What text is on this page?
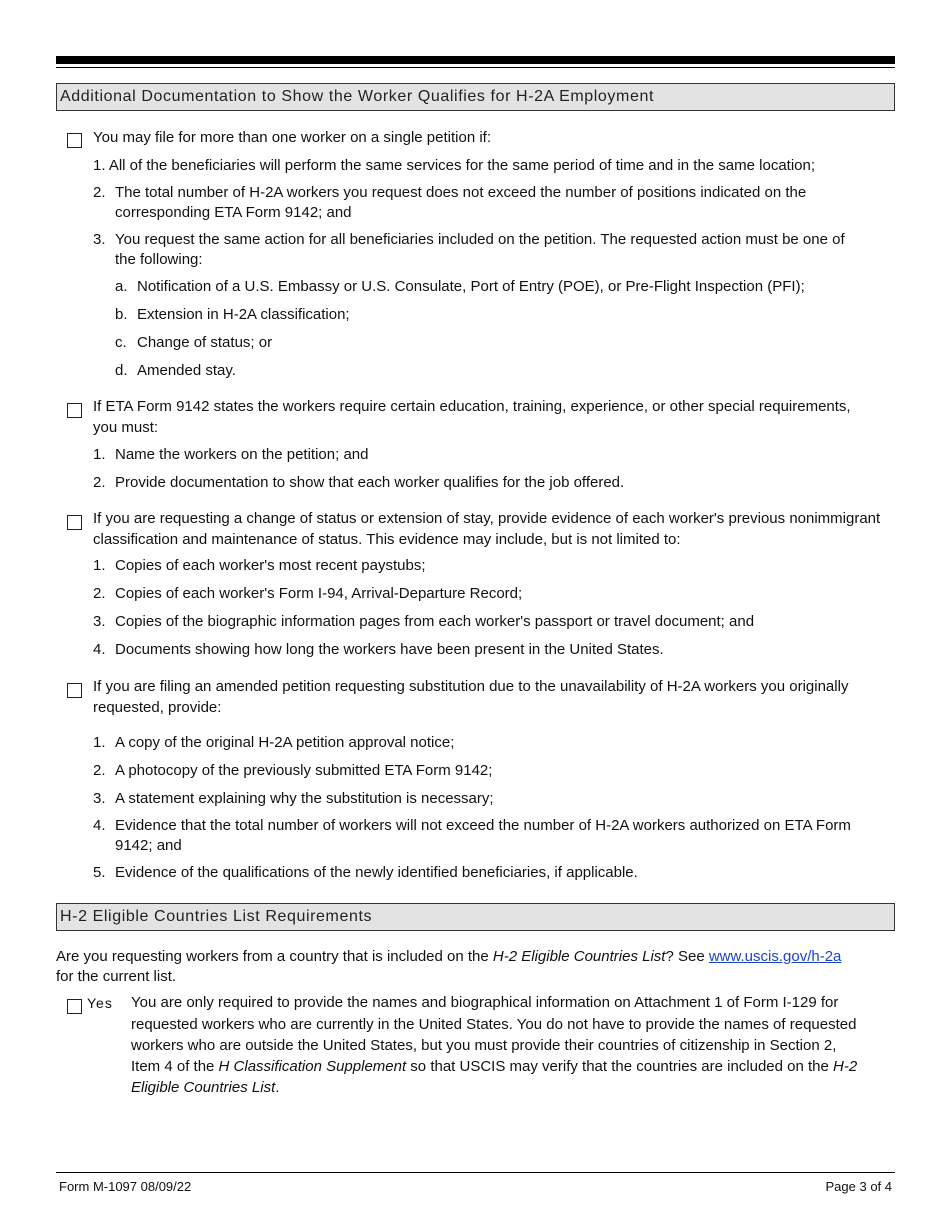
Additional Documentation to Show the Worker Qualifies for H-2A Employment
You may file for more than one worker on a single petition if:
1. All of the beneficiaries will perform the same services for the same period of time and in the same location;
2. The total number of H-2A workers you request does not exceed the number of positions indicated on the
corresponding ETA Form 9142; and
3. You request the same action for all beneficiaries included on the petition. The requested action must be one of
the following:
a. Notification of a U.S. Embassy or U.S. Consulate, Port of Entry (POE), or Pre-Flight Inspection (PFI);
b. Extension in H-2A classification;
c. Change of status; or
d. Amended stay.
If ETA Form 9142 states the workers require certain education, training, experience, or other special requirements,
you must:
1. Name the workers on the petition; and
2. Provide documentation to show that each worker qualifies for the job offered.
If you are requesting a change of status or extension of stay, provide evidence of each worker's previous nonimmigrant
classification and maintenance of status. This evidence may include, but is not limited to:
1. Copies of each worker's most recent paystubs;
2. Copies of each worker's Form I-94, Arrival-Departure Record;
3. Copies of the biographic information pages from each worker's passport or travel document; and
4. Documents showing how long the workers have been present in the United States.
If you are filing an amended petition requesting substitution due to the unavailability of H-2A workers you originally
requested, provide:
1. A copy of the original H-2A petition approval notice;
2. A photocopy of the previously submitted ETA Form 9142;
3. A statement explaining why the substitution is necessary;
4. Evidence that the total number of workers will not exceed the number of H-2A workers authorized on ETA Form
9142; and
5. Evidence of the qualifications of the newly identified beneficiaries, if applicable.
H-2 Eligible Countries List Requirements
Are you requesting workers from a country that is included on the H-2 Eligible Countries List? See www.uscis.gov/h-2a
for the current list.
Yes You are only required to provide the names and biographical information on Attachment 1 of Form I-129 for
requested workers who are currently in the United States. You do not have to provide the names of requested
workers who are outside the United States, but you must provide their countries of citizenship in Section 2,
Item 4 of the H Classification Supplement so that USCIS may verify that the countries are included on the H-2
Eligible Countries List.
Form M-1097 08/09/22	Page 3 of 4
